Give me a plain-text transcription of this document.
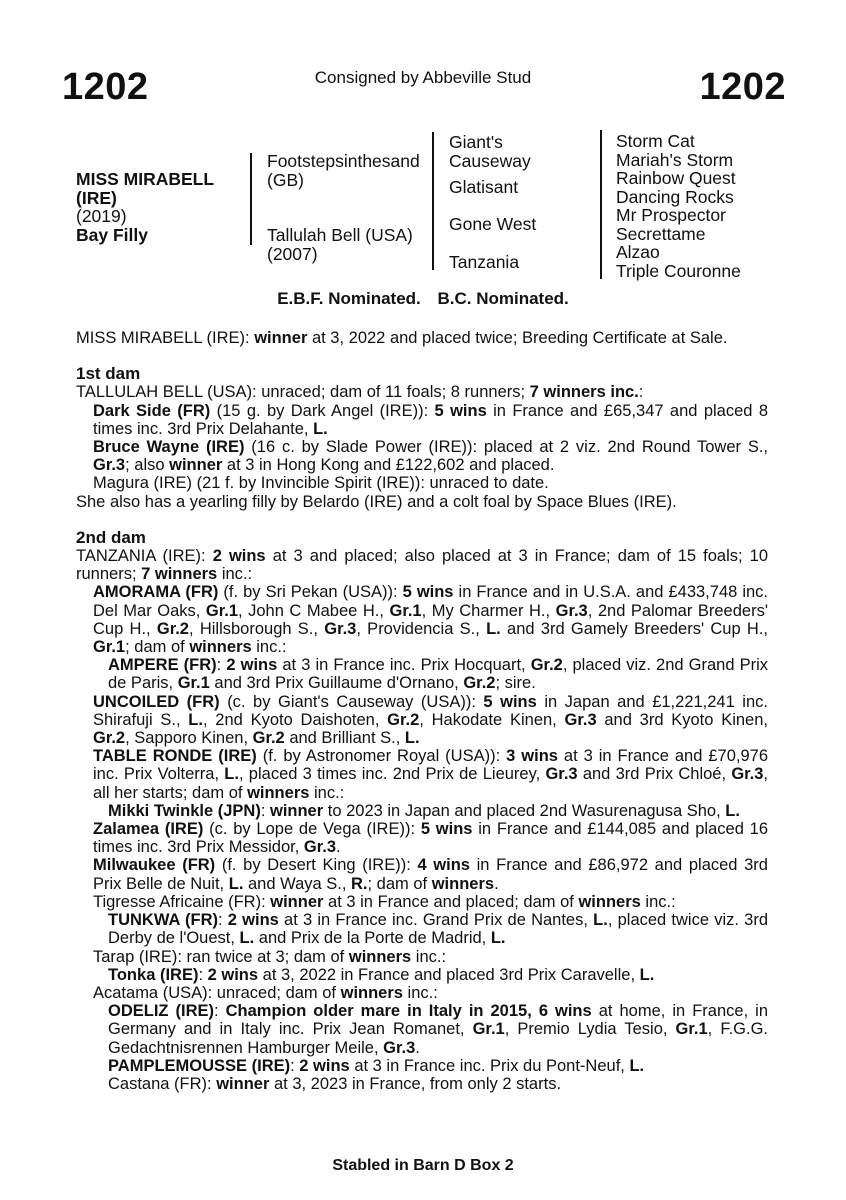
1202	Consigned by Abbeville Stud	1202
MISS MIRABELL
(IRE)
(2019)
Bay Filly
Footstepsinthesand
(GB)
Tallulah Bell (USA)
(2007)
Giant's
Causeway
Glatisant
Gone West
Tanzania
Storm Cat
Mariah's Storm
Rainbow Quest
Dancing Rocks
Mr Prospector
Secrettame
Alzao
Triple Couronne
E.B.F. Nominated. B.C. Nominated.

MISS MIRABELL (IRE): winner at 3, 2022 and placed twice; Breeding Certificate at Sale.

1st dam

TALLULAH BELL (USA): unraced; dam of 11 foals; 8 runners; 7 winners inc.:

Dark Side (FR) (15 g. by Dark Angel (IRE)): 5 wins in France and £65,347 and placed 8 times inc. 3rd Prix Delahante, L.

Bruce Wayne (IRE) (16 c. by Slade Power (IRE)): placed at 2 viz. 2nd Round Tower S., Gr.3; also winner at 3 in Hong Kong and £122,602 and placed.

Magura (IRE) (21 f. by Invincible Spirit (IRE)): unraced to date.

She also has a yearling filly by Belardo (IRE) and a colt foal by Space Blues (IRE).

2nd dam

TANZANIA (IRE): 2 wins at 3 and placed; also placed at 3 in France; dam of 15 foals; 10 runners; 7 winners inc.:

AMORAMA (FR) (f. by Sri Pekan (USA)): 5 wins in France and in U.S.A. and £433,748 inc. Del Mar Oaks, Gr.1, John C Mabee H., Gr.1, My Charmer H., Gr.3, 2nd Palomar Breeders' Cup H., Gr.2, Hillsborough S., Gr.3, Providencia S., L. and 3rd Gamely Breeders' Cup H., Gr.1; dam of winners inc.:

AMPERE (FR): 2 wins at 3 in France inc. Prix Hocquart, Gr.2, placed viz. 2nd Grand Prix de Paris, Gr.1 and 3rd Prix Guillaume d'Ornano, Gr.2; sire.

UNCOILED (FR) (c. by Giant's Causeway (USA)): 5 wins in Japan and £1,221,241 inc. Shirafuji S., L., 2nd Kyoto Daishoten, Gr.2, Hakodate Kinen, Gr.3 and 3rd Kyoto Kinen, Gr.2, Sapporo Kinen, Gr.2 and Brilliant S., L.

TABLE RONDE (IRE) (f. by Astronomer Royal (USA)): 3 wins at 3 in France and £70,976 inc. Prix Volterra, L., placed 3 times inc. 2nd Prix de Lieurey, Gr.3 and 3rd Prix Chloé, Gr.3, all her starts; dam of winners inc.:

Mikki Twinkle (JPN): winner to 2023 in Japan and placed 2nd Wasurenagusa Sho, L.

Zalamea (IRE) (c. by Lope de Vega (IRE)): 5 wins in France and £144,085 and placed 16 times inc. 3rd Prix Messidor, Gr.3.

Milwaukee (FR) (f. by Desert King (IRE)): 4 wins in France and £86,972 and placed 3rd Prix Belle de Nuit, L. and Waya S., R.; dam of winners.

Tigresse Africaine (FR): winner at 3 in France and placed; dam of winners inc.:

TUNKWA (FR): 2 wins at 3 in France inc. Grand Prix de Nantes, L., placed twice viz. 3rd Derby de l'Ouest, L. and Prix de la Porte de Madrid, L.

Tarap (IRE): ran twice at 3; dam of winners inc.:

Tonka (IRE): 2 wins at 3, 2022 in France and placed 3rd Prix Caravelle, L.

Acatama (USA): unraced; dam of winners inc.:

ODELIZ (IRE): Champion older mare in Italy in 2015, 6 wins at home, in France, in Germany and in Italy inc. Prix Jean Romanet, Gr.1, Premio Lydia Tesio, Gr.1, F.G.G. Gedachtnisrennen Hamburger Meile, Gr.3.

PAMPLEMOUSSE (IRE): 2 wins at 3 in France inc. Prix du Pont-Neuf, L.

Castana (FR): winner at 3, 2023 in France, from only 2 starts.

Stabled in Barn D Box 2
